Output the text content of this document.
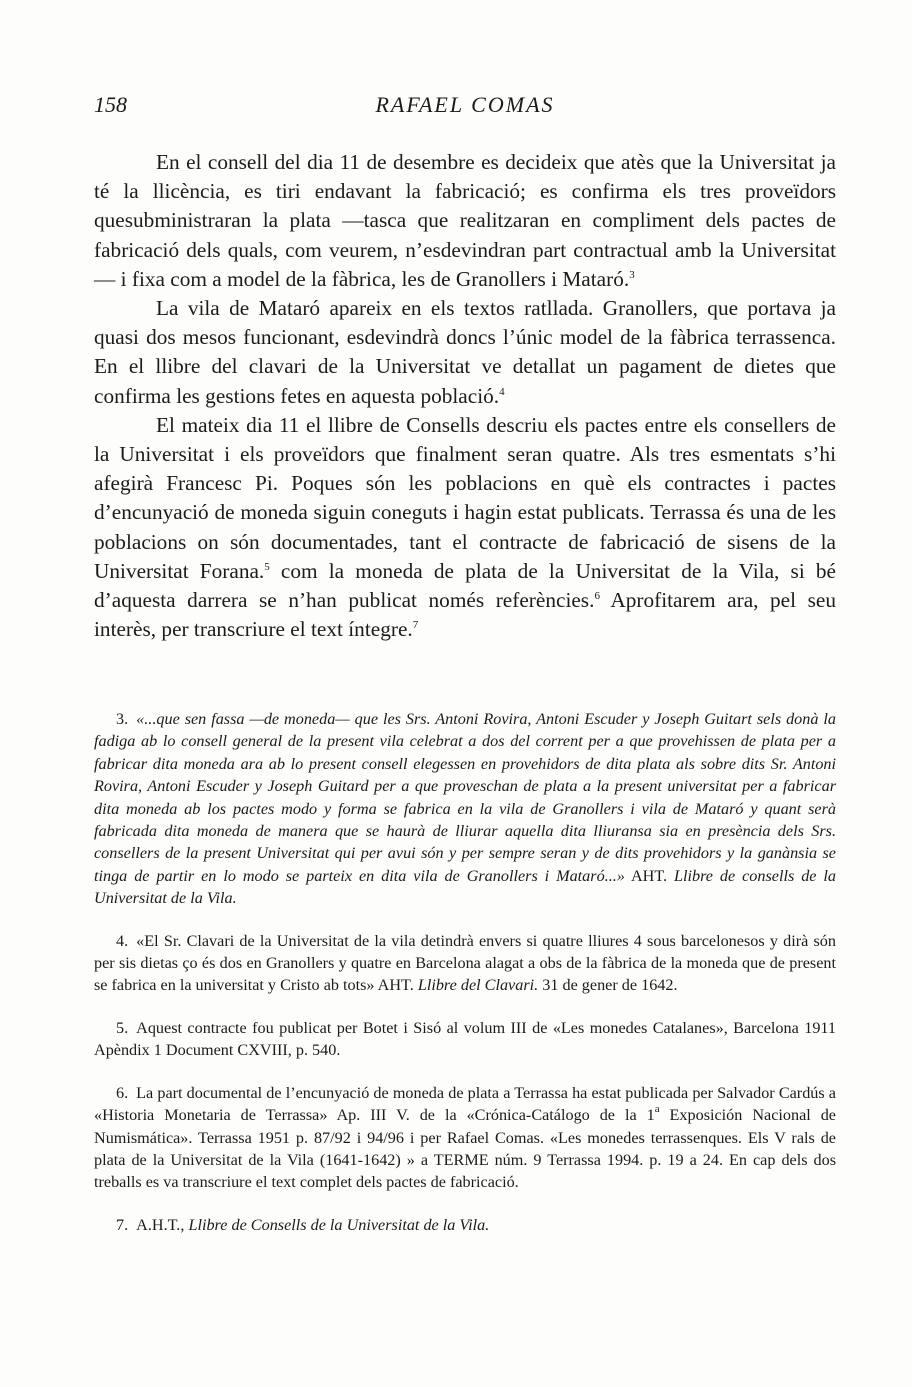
158	RAFAEL COMAS

En el consell del dia 11 de desembre es decideix que atès que la Universitat ja té la llicència, es tiri endavant la fabricació; es confirma els tres proveïdors quesubministraran la plata —tasca que realitzaran en compliment dels pactes de fabricació dels quals, com veurem, n’esdevindran part contractual amb la Universitat— i fixa com a model de la fàbrica, les de Granollers i Mataró.$^3$

La vila de Mataró apareix en els textos ratllada. Granollers, que portava ja quasi dos mesos funcionant, esdevindrà doncs l’únic model de la fàbrica terrassenca. En el llibre del clavari de la Universitat ve detallat un pagament de dietes que confirma les gestions fetes en aquesta població.$^4$

El mateix dia 11 el llibre de Consells descriu els pactes entre els consellers de la Universitat i els proveïdors que finalment seran quatre. Als tres esmentats s’hi afegirà Francesc Pi. Poques són les poblacions en què els contractes i pactes d’encunyació de moneda siguin coneguts i hagin estat publicats. Terrassa és una de les poblacions on són documentades, tant el contracte de fabricació de sisens de la Universitat Forana.$^5$ com la moneda de plata de la Universitat de la Vila, si bé d’aquesta darrera se n’han publicat només referències.$^6$ Aprofitarem ara, pel seu interès, per transcriure el text íntegre.$^7$

3. «...que sen fassa —de moneda— que les Srs. Antoni Rovira, Antoni Escuder y Joseph Guitart sels donà la fadiga ab lo consell general de la present vila celebrat a dos del corrent per a que provehissen de plata per a fabricar dita moneda ara ab lo present consell elegessen en provehidors de dita plata als sobre dits Sr. Antoni Rovira, Antoni Escuder y Joseph Guitard per a que proveschan de plata a la present universitat per a fabricar dita moneda ab los pactes modo y forma se fabrica en la vila de Granollers i vila de Mataró y quant serà fabricada dita moneda de manera que se haurà de lliurar aquella dita lliuransa sia en presència dels Srs. consellers de la present Universitat qui per avui són y per sempre seran y de dits provehidors y la ganànsia se tinga de partir en lo modo se parteix en dita vila de Granollers i Mataró...» AHT. Llibre de consells de la Universitat de la Vila.

4. «El Sr. Clavari de la Universitat de la vila detindrà envers si quatre lliures 4 sous barcelonesos y dirà són per sis dietas ço és dos en Granollers y quatre en Barcelona alagat a obs de la fàbrica de la moneda que de present se fabrica en la universitat y Cristo ab tots» AHT. Llibre del Clavari. 31 de gener de 1642.

5. Aquest contracte fou publicat per Botet i Sisó al volum III de «Les monedes Catalanes», Barcelona 1911 Apèndix 1 Document CXVIII, p. 540.

6. La part documental de l’encunyació de moneda de plata a Terrassa ha estat publicada per Salvador Cardús a «Historia Monetaria de Terrassa» Ap. III V. de la «Crónica-Catálogo de la 1$^a$ Exposición Nacional de Numismática». Terrassa 1951 p. 87/92 i 94/96 i per Rafael Comas. «Les monedes terrassenques. Els V rals de plata de la Universitat de la Vila (1641-1642) » a TERME núm. 9 Terrassa 1994. p. 19 a 24. En cap dels dos treballs es va transcriure el text complet dels pactes de fabricació.

7. A.H.T., Llibre de Consells de la Universitat de la Vila.
